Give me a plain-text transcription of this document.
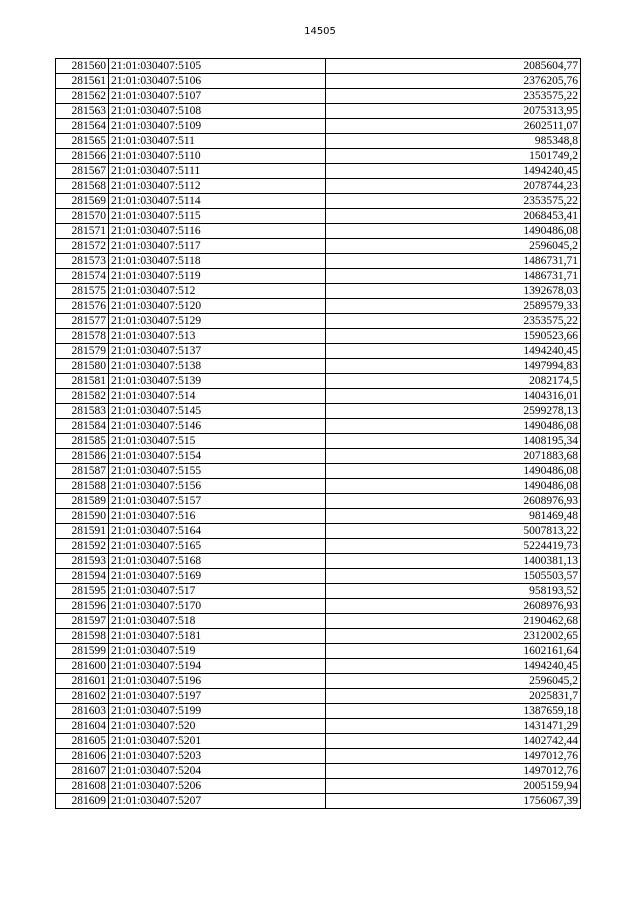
14505
281560	21:01:030407:5105	2085604,77
281561	21:01:030407:5106	2376205,76
281562	21:01:030407:5107	2353575,22
281563	21:01:030407:5108	2075313,95
281564	21:01:030407:5109	2602511,07
281565	21:01:030407:511	985348,8
281566	21:01:030407:5110	1501749,2
281567	21:01:030407:5111	1494240,45
281568	21:01:030407:5112	2078744,23
281569	21:01:030407:5114	2353575,22
281570	21:01:030407:5115	2068453,41
281571	21:01:030407:5116	1490486,08
281572	21:01:030407:5117	2596045,2
281573	21:01:030407:5118	1486731,71
281574	21:01:030407:5119	1486731,71
281575	21:01:030407:512	1392678,03
281576	21:01:030407:5120	2589579,33
281577	21:01:030407:5129	2353575,22
281578	21:01:030407:513	1590523,66
281579	21:01:030407:5137	1494240,45
281580	21:01:030407:5138	1497994,83
281581	21:01:030407:5139	2082174,5
281582	21:01:030407:514	1404316,01
281583	21:01:030407:5145	2599278,13
281584	21:01:030407:5146	1490486,08
281585	21:01:030407:515	1408195,34
281586	21:01:030407:5154	2071883,68
281587	21:01:030407:5155	1490486,08
281588	21:01:030407:5156	1490486,08
281589	21:01:030407:5157	2608976,93
281590	21:01:030407:516	981469,48
281591	21:01:030407:5164	5007813,22
281592	21:01:030407:5165	5224419,73
281593	21:01:030407:5168	1400381,13
281594	21:01:030407:5169	1505503,57
281595	21:01:030407:517	958193,52
281596	21:01:030407:5170	2608976,93
281597	21:01:030407:518	2190462,68
281598	21:01:030407:5181	2312002,65
281599	21:01:030407:519	1602161,64
281600	21:01:030407:5194	1494240,45
281601	21:01:030407:5196	2596045,2
281602	21:01:030407:5197	2025831,7
281603	21:01:030407:5199	1387659,18
281604	21:01:030407:520	1431471,29
281605	21:01:030407:5201	1402742,44
281606	21:01:030407:5203	1497012,76
281607	21:01:030407:5204	1497012,76
281608	21:01:030407:5206	2005159,94
281609	21:01:030407:5207	1756067,39
